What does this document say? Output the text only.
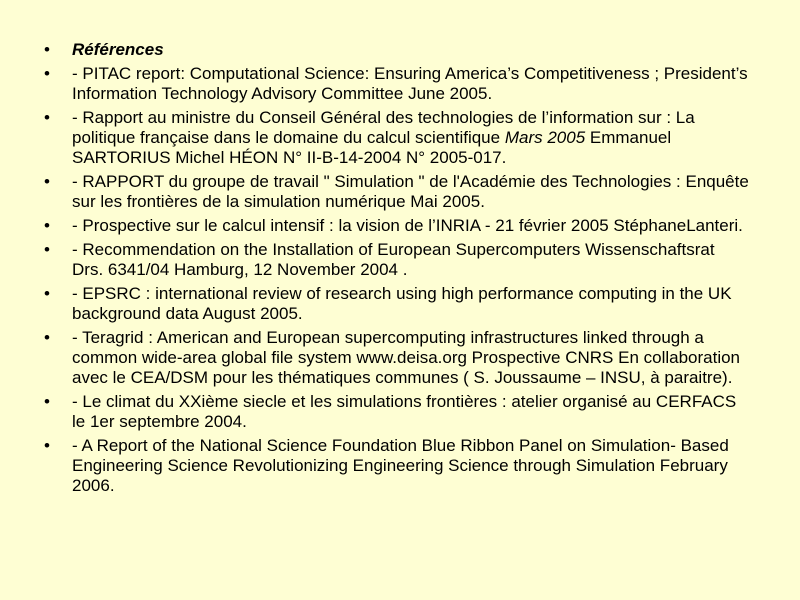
• Références
• - PITAC report: Computational Science: Ensuring America’s Competitiveness ; President’s Information Technology Advisory Committee June 2005.
• - Rapport au ministre du Conseil Général des technologies de l’information sur : La politique française dans le domaine du calcul scientifique Mars 2005 Emmanuel SARTORIUS Michel HÉON N° II-B-14-2004 N° 2005-017.
• - RAPPORT du groupe de travail " Simulation " de l'Académie des Technologies : Enquête sur les frontières de la simulation numérique Mai 2005.
• - Prospective sur le calcul intensif : la vision de l’INRIA - 21 février 2005 StéphaneLanteri.
• - Recommendation on the Installation of European Supercomputers Wissenschaftsrat Drs. 6341/04 Hamburg, 12 November 2004 .
• - EPSRC : international review of research using high performance computing in the UK background data August 2005.
• - Teragrid : American and European supercomputing infrastructures linked through a common wide-area global file system www.deisa.org Prospective CNRS En collaboration avec le CEA/DSM pour les thématiques communes ( S. Joussaume – INSU, à paraitre).
• - Le climat du XXième siecle et les simulations frontières : atelier organisé au CERFACS le 1er septembre 2004.
• - A Report of the National Science Foundation Blue Ribbon Panel on Simulation- Based Engineering Science Revolutionizing Engineering Science through Simulation February 2006.
